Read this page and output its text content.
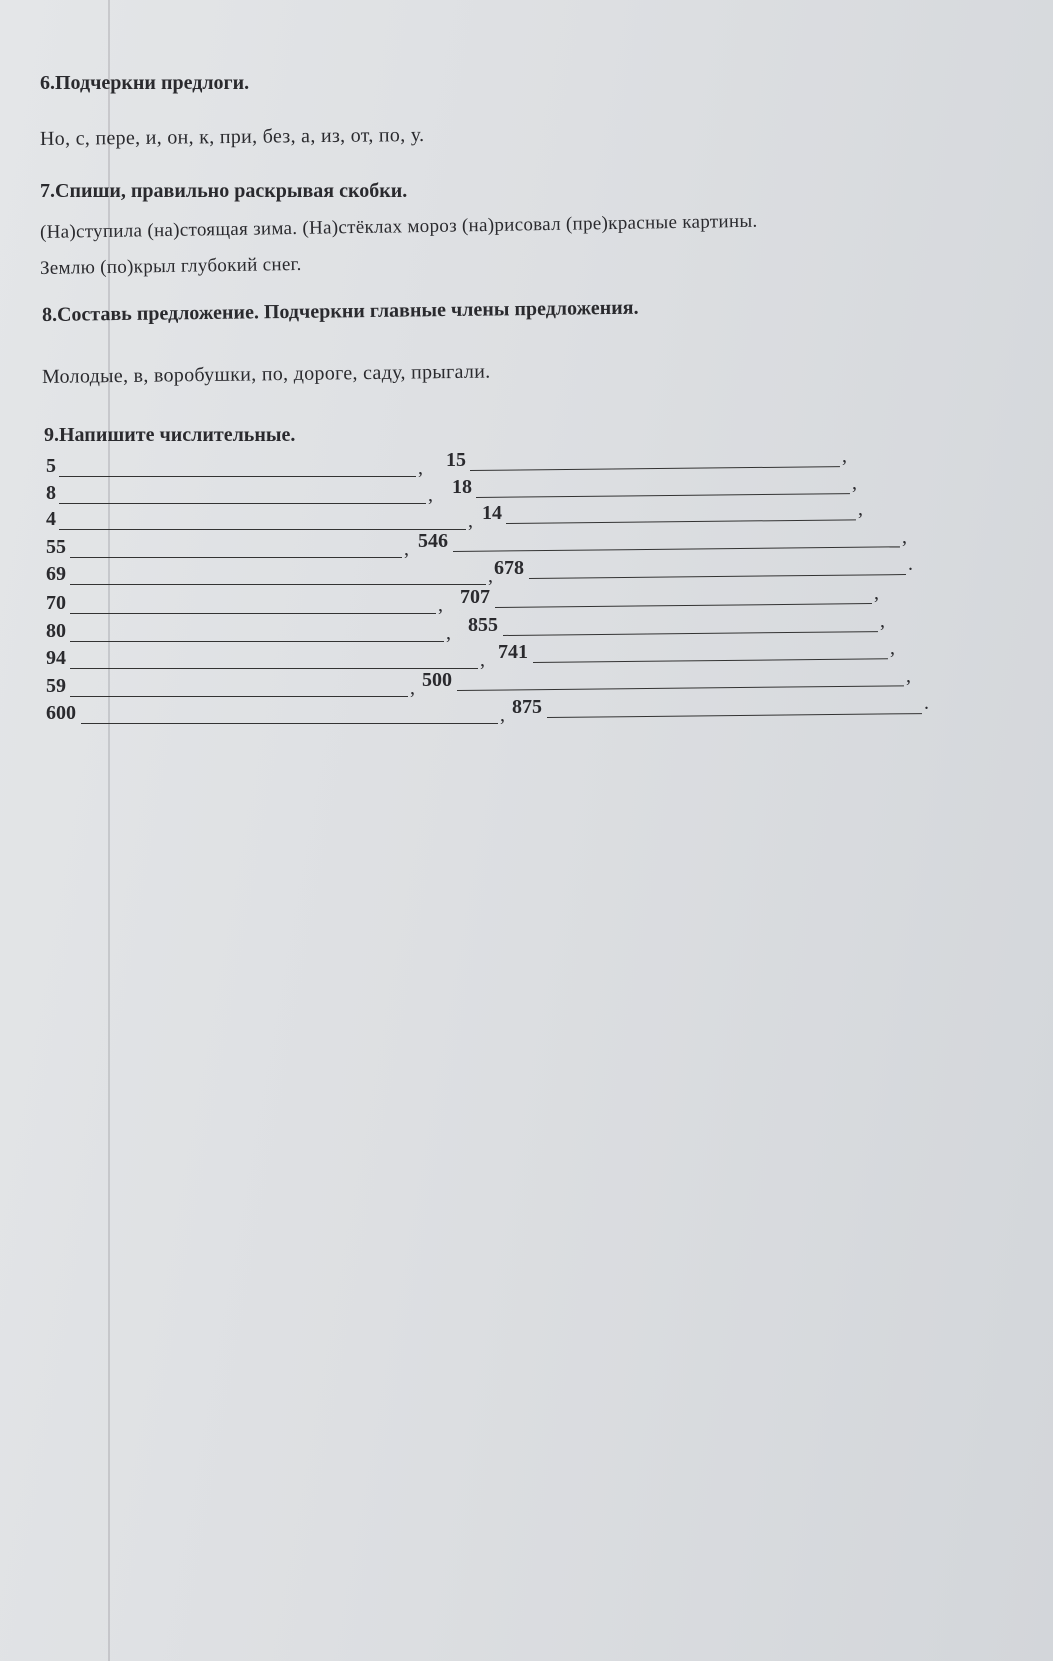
6.Подчеркни предлоги.
Но, с, пере, и, он, к, при, без, а, из, от, по, у.
7.Спиши, правильно раскрывая скобки.
(На)ступила (на)стоящая зима. (На)стёклах мороз (на)рисовал (пре)красные картины.
Землю (по)крыл глубокий снег.
8.Составь предложение. Подчеркни главные члены предложения.
Молодые, в, воробушки, по, дороге, саду, прыгали.
9.Напишите числительные.
5	, 15	,
8	, 18	,
4	, 14	,
55	, 546	,
69	, 678	.
70	, 707	,
80	, 855	,
94	, 741	,
59	, 500	,
600	, 875	.
